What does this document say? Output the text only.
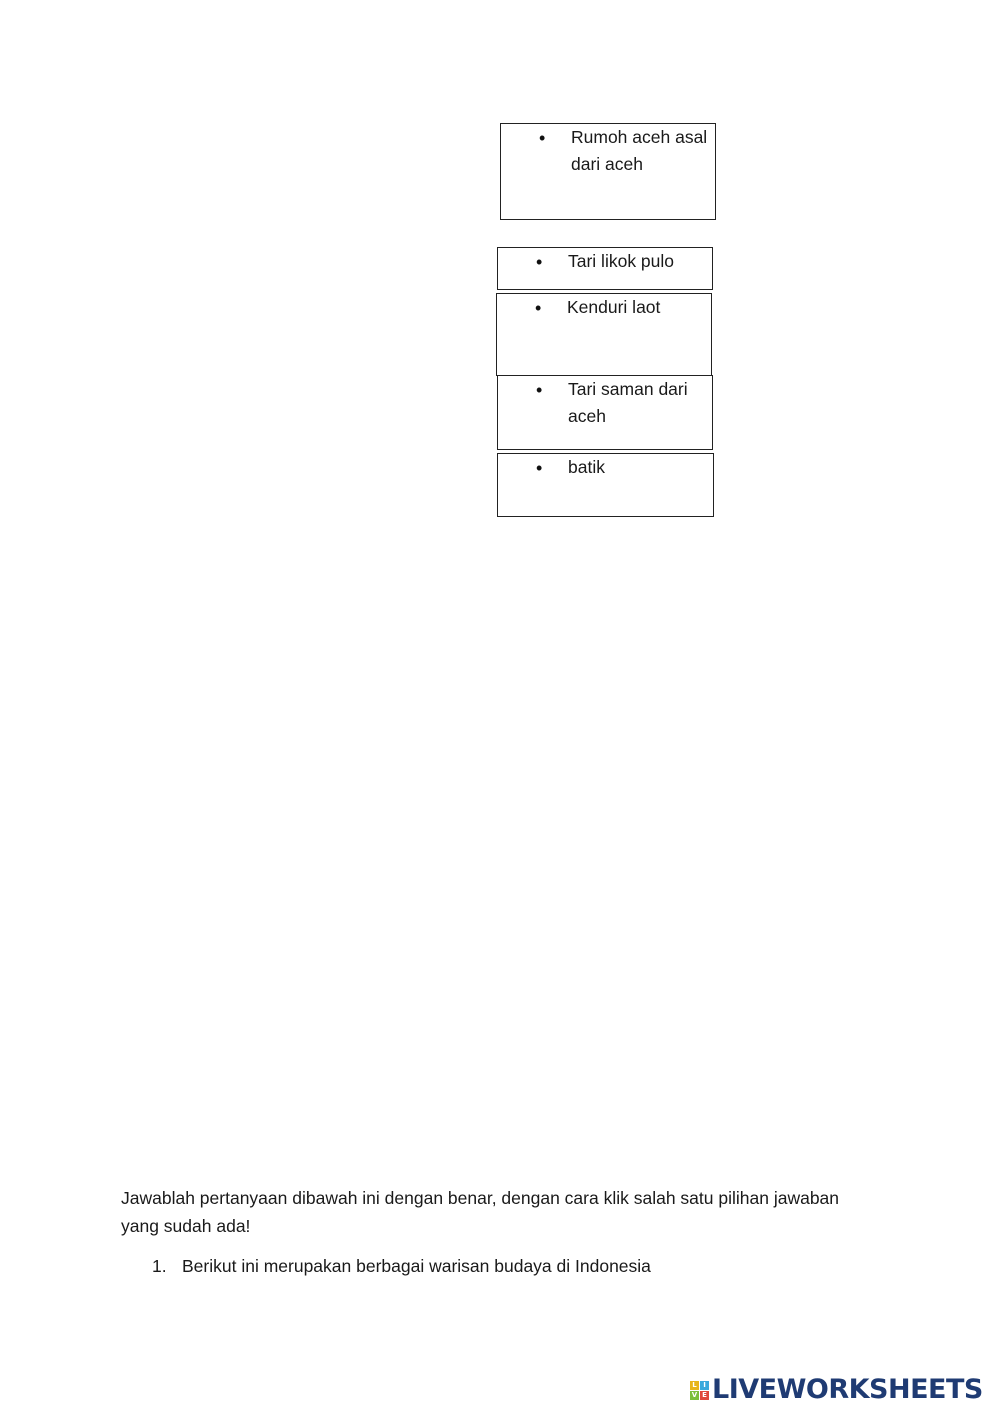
• Rumoh aceh asal
dari aceh
• Tari likok pulo
• Kenduri laot
• Tari saman dari
aceh
• batik
Jawablah pertanyaan dibawah ini dengan benar, dengan cara klik salah satu pilihan jawaban
yang sudah ada!
1. Berikut ini merupakan berbagai warisan budaya di Indonesia
L I
V E LIVEWORKSHEETS
